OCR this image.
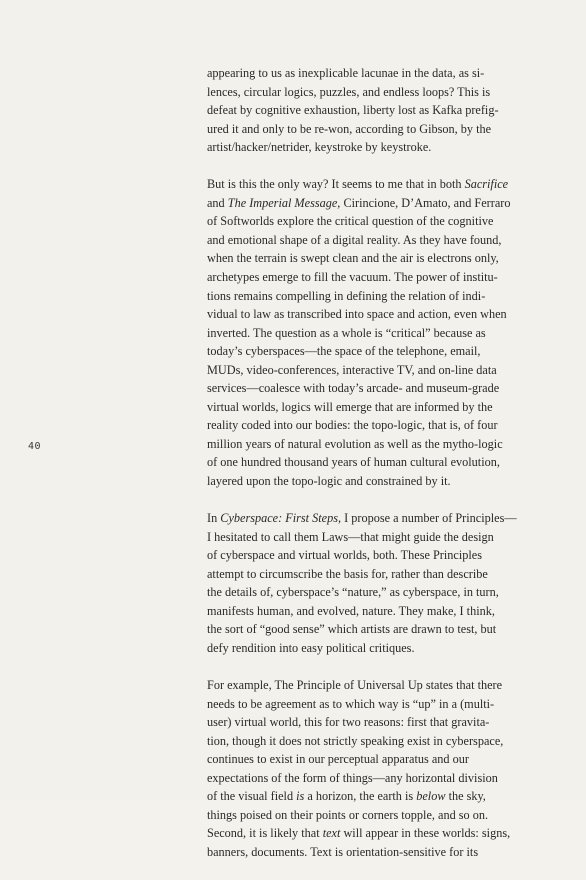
40

appearing to us as inexplicable lacunae in the data, as si-
lences, circular logics, puzzles, and endless loops? This is
defeat by cognitive exhaustion, liberty lost as Kafka prefig-
ured it and only to be re-won, according to Gibson, by the
artist/hacker/netrider, keystroke by keystroke.

But is this the only way? It seems to me that in both Sacrifice
and The Imperial Message, Cirincione, D’Amato, and Ferraro
of Softworlds explore the critical question of the cognitive
and emotional shape of a digital reality. As they have found,
when the terrain is swept clean and the air is electrons only,
archetypes emerge to fill the vacuum. The power of institu-
tions remains compelling in defining the relation of indi-
vidual to law as transcribed into space and action, even when
inverted. The question as a whole is “critical” because as
today’s cyberspaces—the space of the telephone, email,
MUDs, video-conferences, interactive TV, and on-line data
services—coalesce with today’s arcade- and museum-grade
virtual worlds, logics will emerge that are informed by the
reality coded into our bodies: the topo-logic, that is, of four
million years of natural evolution as well as the mytho-logic
of one hundred thousand years of human cultural evolution,
layered upon the topo-logic and constrained by it.

In Cyberspace: First Steps, I propose a number of Principles—
I hesitated to call them Laws—that might guide the design
of cyberspace and virtual worlds, both. These Principles
attempt to circumscribe the basis for, rather than describe
the details of, cyberspace’s “nature,” as cyberspace, in turn,
manifests human, and evolved, nature. They make, I think,
the sort of “good sense” which artists are drawn to test, but
defy rendition into easy political critiques.

For example, The Principle of Universal Up states that there
needs to be agreement as to which way is “up” in a (multi-
user) virtual world, this for two reasons: first that gravita-
tion, though it does not strictly speaking exist in cyberspace,
continues to exist in our perceptual apparatus and our
expectations of the form of things—any horizontal division
of the visual field is a horizon, the earth is below the sky,
things poised on their points or corners topple, and so on.
Second, it is likely that text will appear in these worlds: signs,
banners, documents. Text is orientation-sensitive for its
